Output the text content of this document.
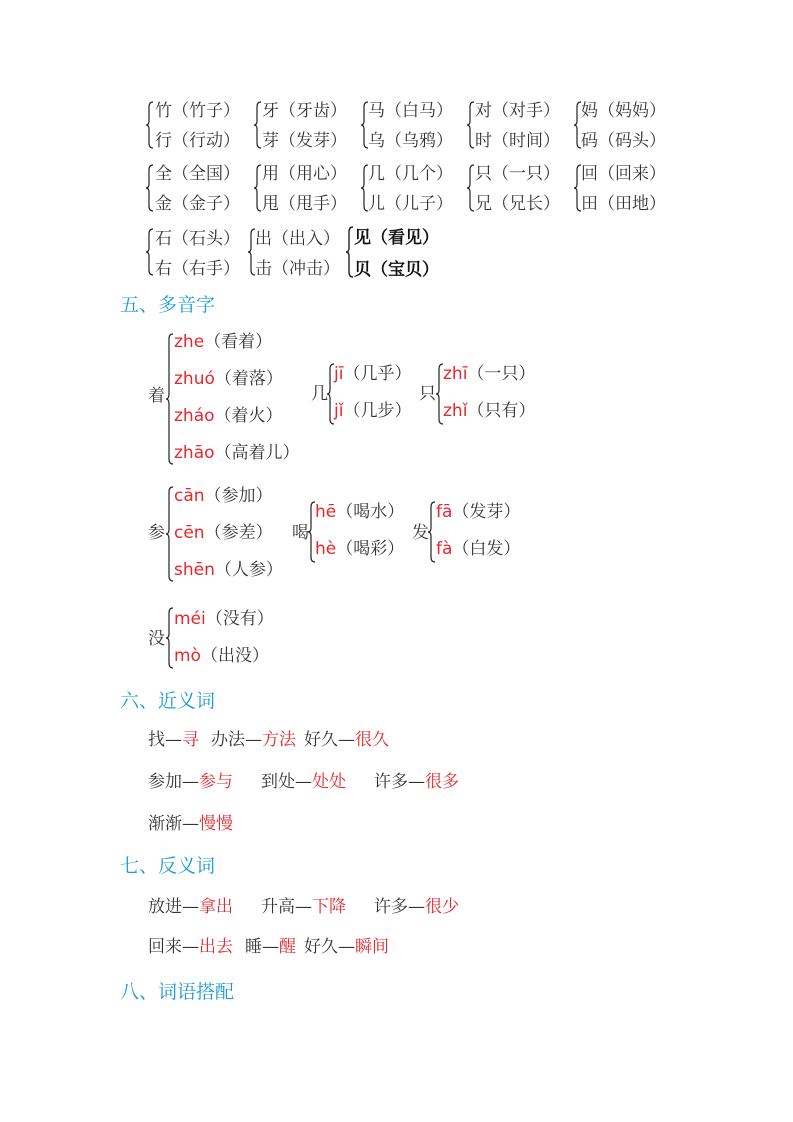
竹（竹子）
行（行动）
牙（牙齿）
芽（发芽）
马（白马）
乌（乌鸦）
对（对手）
时（时间）
妈（妈妈）
码（码头）
全（全国）
金（金子）
用（用心）
甩（甩手）
几（几个）
儿（儿子）
只（一只）
兄（兄长）
回（回来）
田（田地）
石（石头）
右（右手）
出（出入）
击（冲击）
见（看见）
贝（宝贝）
五、多音字
着
zhe（看着）
zhuó（着落）
zháo（着火）
zhāo（高着儿）
几
jī（几乎）
jǐ（几步）
只
zhī（一只）
zhǐ（只有）
参
cān（参加）
cēn（参差）
shēn（人参）
喝
hē（喝水）
hè（喝彩）
发
fā（发芽）
fà（白发）
没
méi（没有）
mò（出没）
六、近义词
找—寻 办法—方法 好久—很久
参加—参与 到处—处处 许多—很多
渐渐—慢慢
七、反义词
放进—拿出 升高—下降 许多—很少
回来—出去 睡—醒 好久—瞬间
八、词语搭配
